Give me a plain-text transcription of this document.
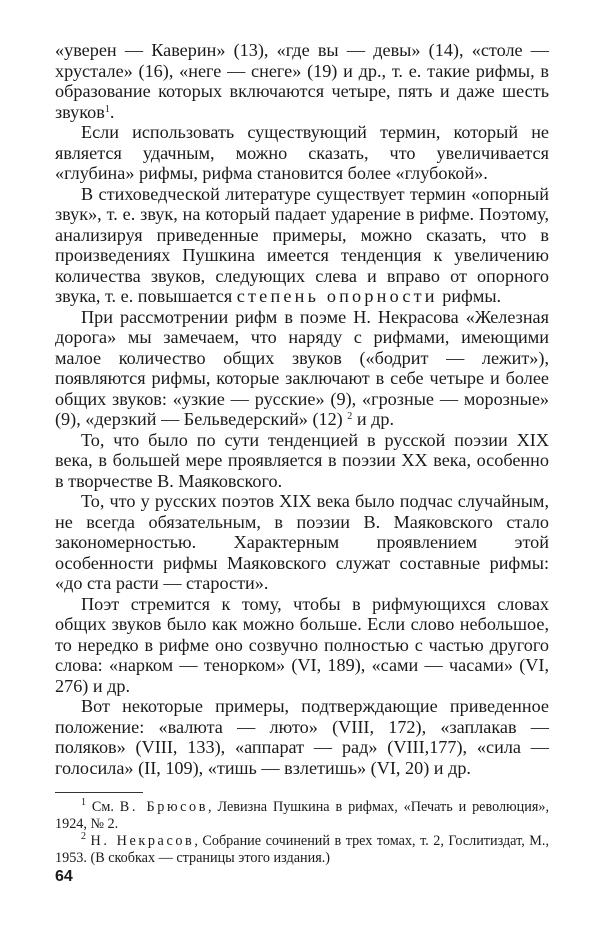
«уверен — Каверин» (13), «где вы — девы» (14), «столе — хрустале» (16), «неге — снеге» (19) и др., т. е. такие рифмы, в образование которых включаются четыре, пять и даже шесть звуков$^1$.

Если использовать существующий термин, который не является удачным, можно сказать, что увеличивается «глубина» рифмы, рифма становится более «глубокой».

В стиховедческой литературе существует термин «опорный звук», т. е. звук, на который падает ударение в рифме. Поэтому, анализируя приведенные примеры, можно сказать, что в произведениях Пушкина имеется тенденция к увеличению количества звуков, следующих слева и вправо от опорного звука, т. е. повышается степень опорности рифмы.

При рассмотрении рифм в поэме Н. Некрасова «Железная дорога» мы замечаем, что наряду с рифмами, имеющими малое количество общих звуков («бодрит — лежит»), появляются рифмы, которые заключают в себе четыре и более общих звуков: «узкие — русские» (9), «грозные — морозные» (9), «дерзкий — Бельведерский» (12) $^2$ и др.

То, что было по сути тенденцией в русской поэзии XIX века, в большей мере проявляется в поэзии XX века, особенно в творчестве В. Маяковского.

То, что у русских поэтов XIX века было подчас случайным, не всегда обязательным, в поэзии В. Маяковского стало закономерностью. Характерным проявлением этой особенности рифмы Маяковского служат составные рифмы: «до ста расти — старости».

Поэт стремится к тому, чтобы в рифмующихся словах общих звуков было как можно больше. Если слово небольшое, то нередко в рифме оно созвучно полностью с частью другого слова: «нарком — тенорком» (VI, 189), «сами — часами» (VI, 276) и др.

Вот некоторые примеры, подтверждающие приведенное положение: «валюта — люто» (VIII, 172), «заплакав — поляков» (VIII, 133), «аппарат — рад» (VIII,177), «сила — голосила» (II, 109), «тишь — взлетишь» (VI, 20) и др.

$^1$ См. В. Брюсов, Левизна Пушкина в рифмах, «Печать и революция», 1924, № 2.

$^2$ Н. Некрасов, Собрание сочинений в трех томах, т. 2, Гослитиздат, М., 1953. (В скобках — страницы этого издания.)

64
